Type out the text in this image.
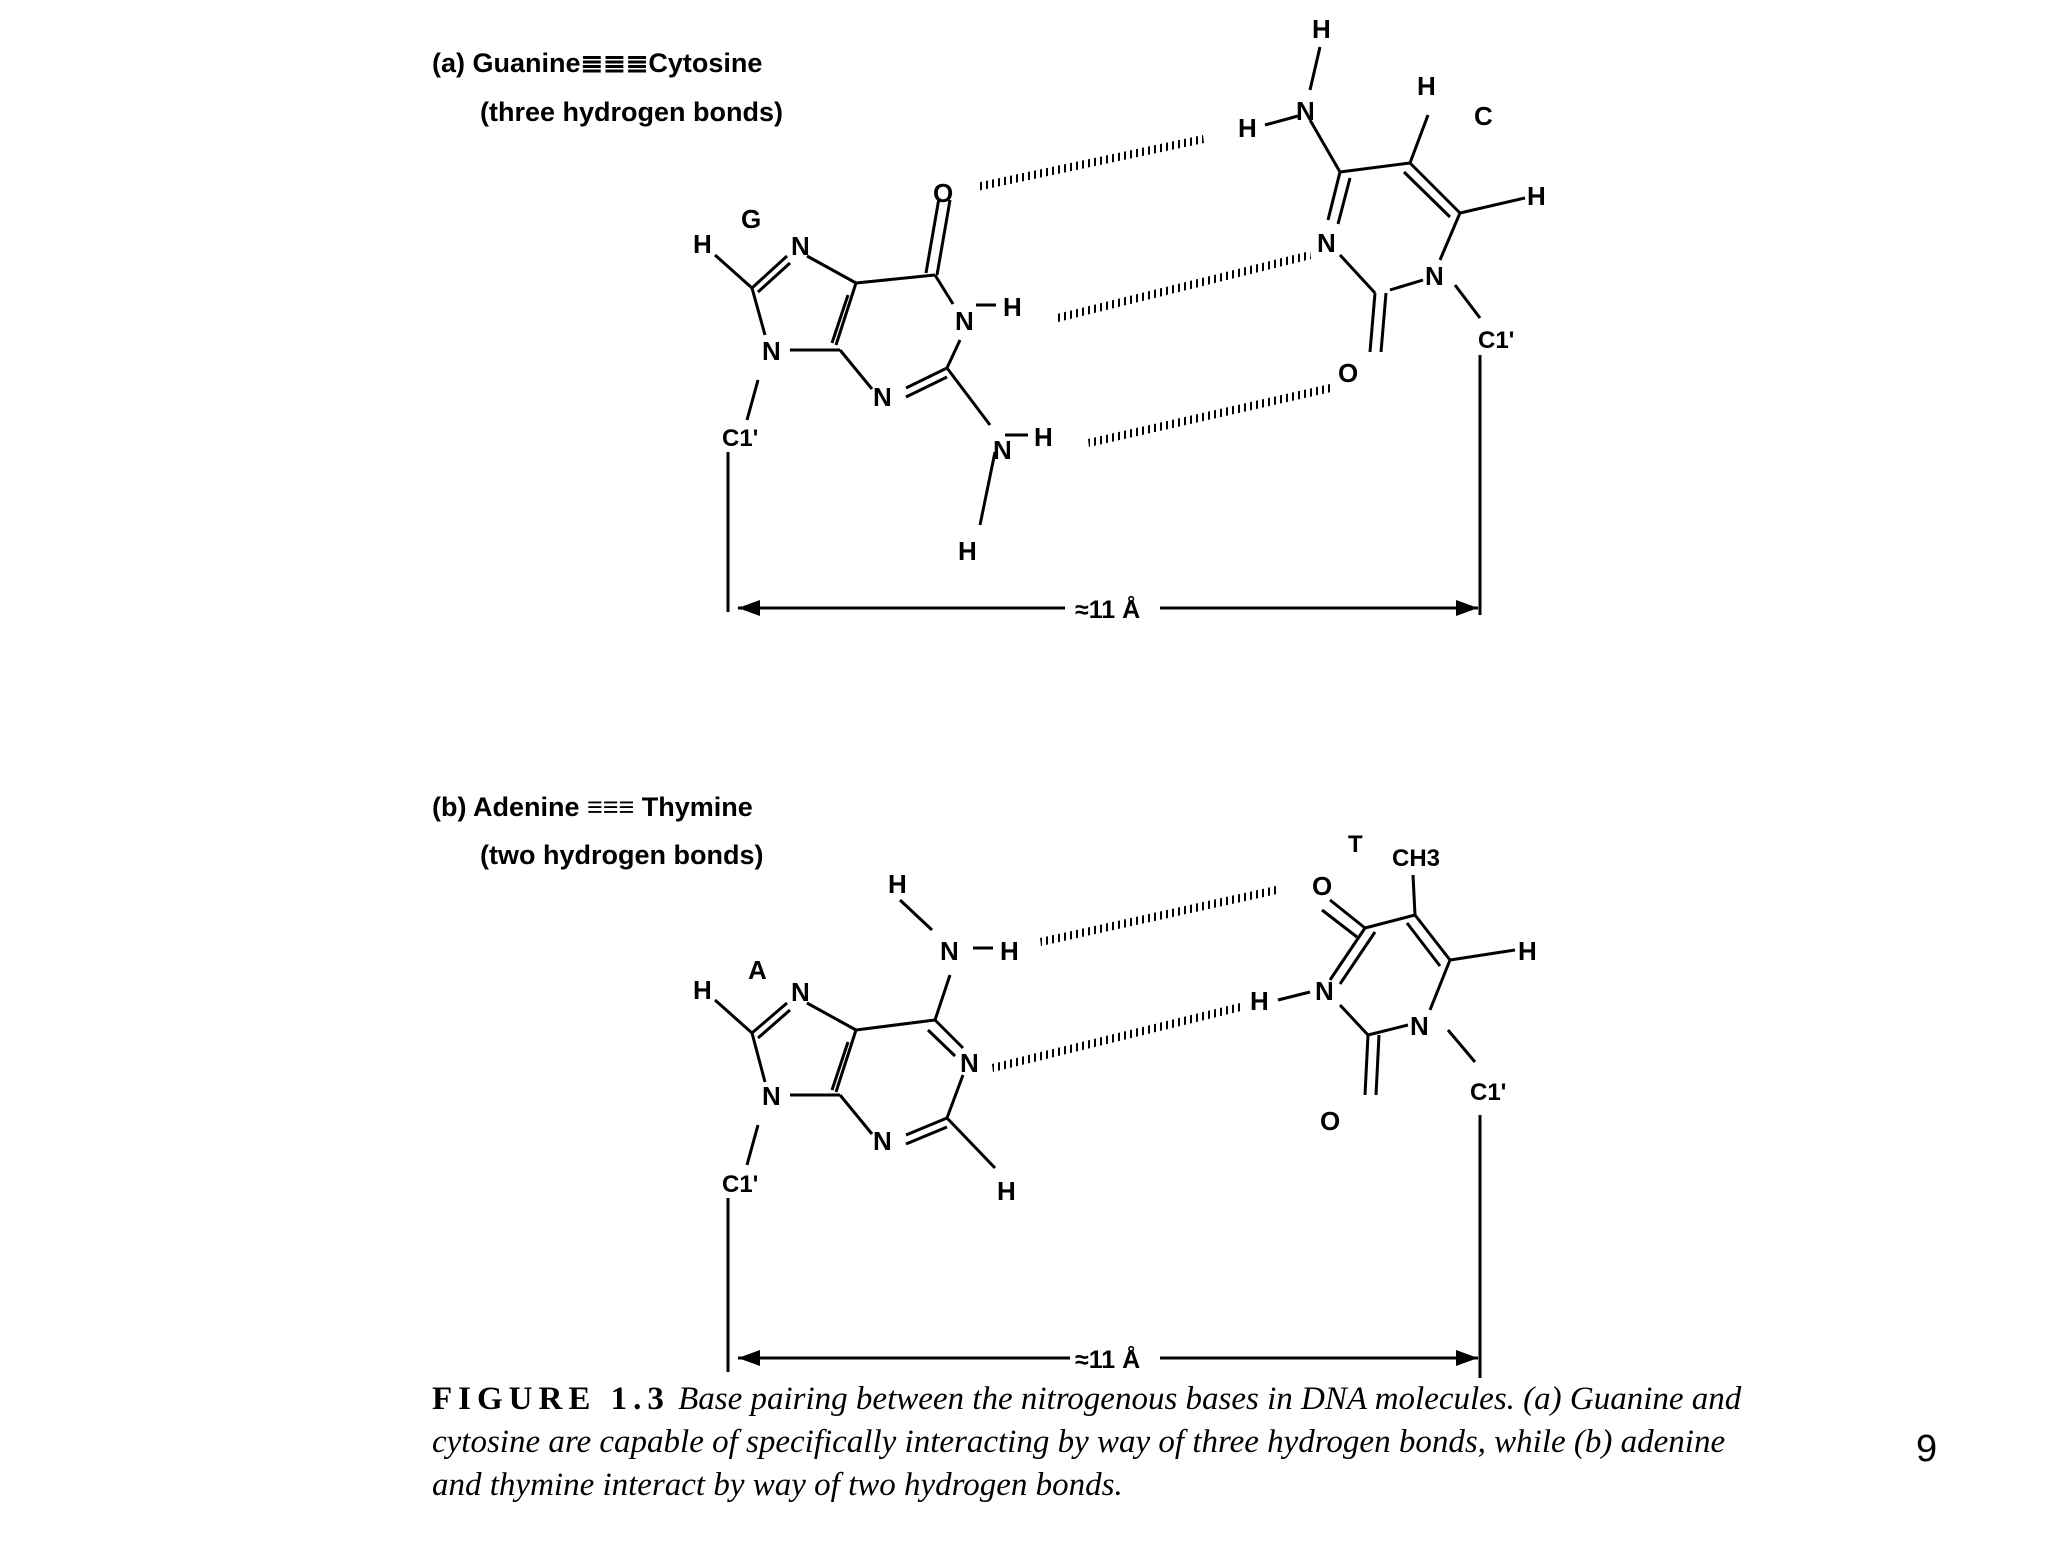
(a) Guanine≣≣≣Cytosine
(three hydrogen bonds)
G
C
H	N
N
N
N H
O
N H
H
C1'
H
N
H
H
H
N
N
O
C1'
≈11 Å
(b) Adenine ≡≡≡ Thymine
(two hydrogen bonds)
A
T
H	N
N
N
N
N H
H
H
C1'
O
CH3
H
N
H
N
O
C1'
≈11 Å
FIGURE 1.3 Base pairing between the nitrogenous bases in DNA molecules. (a) Guanine and cytosine are capable of specifically interacting by way of three hydrogen bonds, while (b) adenine and thymine interact by way of two hydrogen bonds.
9
